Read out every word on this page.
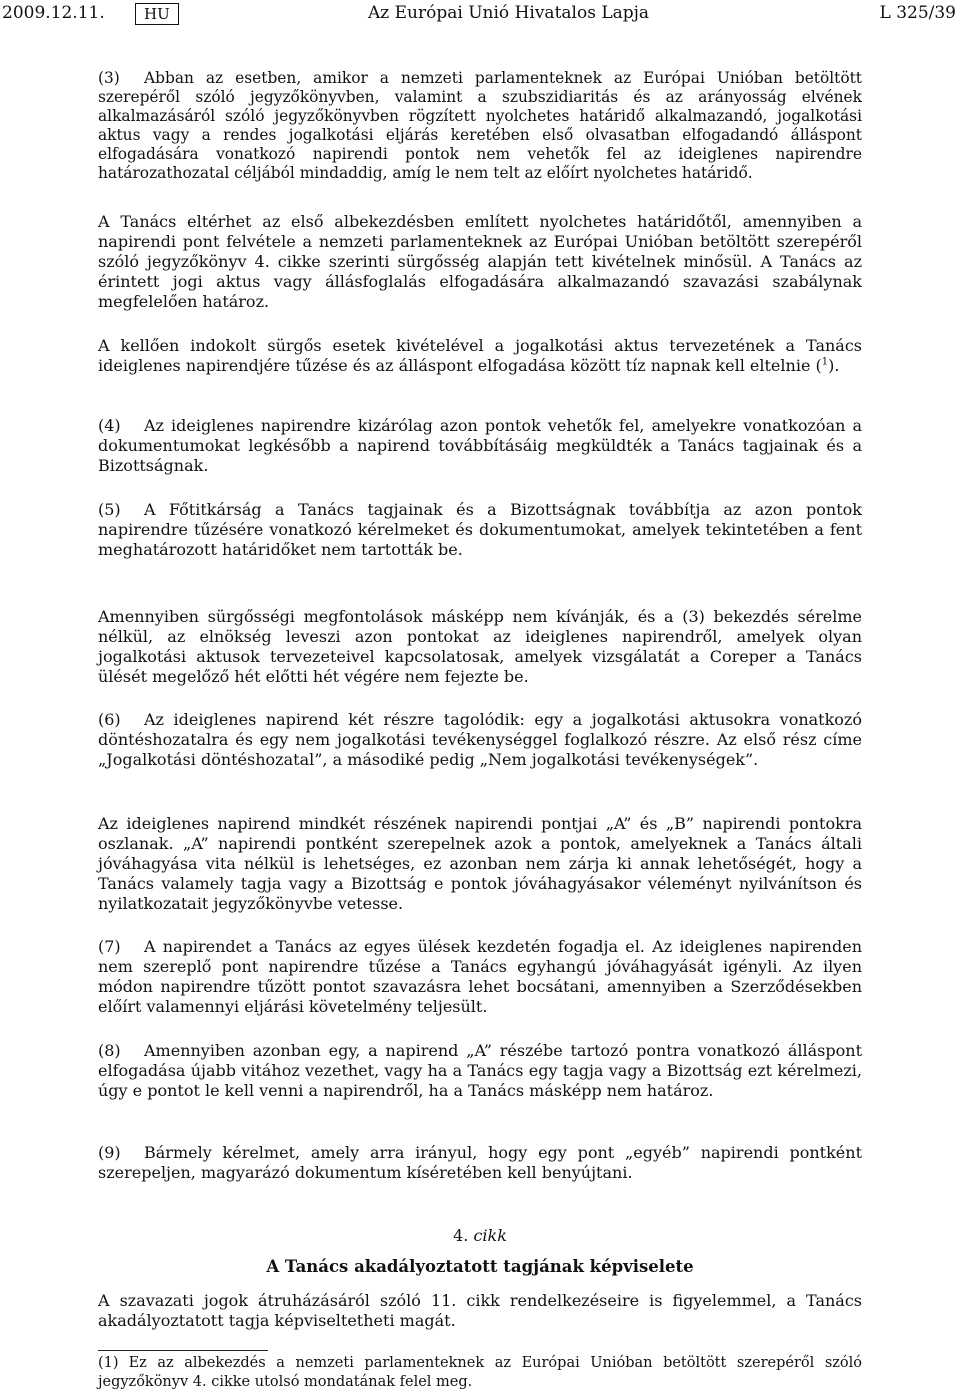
2009.12.11.	HU	Az Európai Unió Hivatalos Lapja	L 325/39

(3) Abban az esetben, amikor a nemzeti parlamenteknek az Európai Unióban betöltött szerepéről szóló jegyzőkönyvben, valamint a szubszidiaritás és az arányosság elvének alkalmazásáról szóló jegyzőkönyvben rögzített nyolchetes határidő alkalmazandó, jogalkotási aktus vagy a rendes jogalkotási eljárás keretében első olvasatban elfogadandó álláspont elfogadására vonatkozó napirendi pontok nem vehetők fel az ideiglenes napirendre határozathozatal céljából mindaddig, amíg le nem telt az előírt nyolchetes határidő.

A Tanács eltérhet az első albekezdésben említett nyolchetes határidőtől, amennyiben a napirendi pont felvétele a nemzeti parlamenteknek az Európai Unióban betöltött szerepéről szóló jegyzőkönyv 4. cikke szerinti sürgősség alapján tett kivételnek minősül. A Tanács az érintett jogi aktus vagy állásfoglalás elfogadására alkalmazandó szavazási szabálynak megfelelően határoz.

A kellően indokolt sürgős esetek kivételével a jogalkotási aktus tervezetének a Tanács ideiglenes napirendjére tűzése és az álláspont elfogadása között tíz napnak kell eltelnie ($^1$).

(4) Az ideiglenes napirendre kizárólag azon pontok vehetők fel, amelyekre vonatkozóan a dokumentumokat legkésőbb a napirend továbbításáig megküldték a Tanács tagjainak és a Bizottságnak.

(5) A Főtitkárság a Tanács tagjainak és a Bizottságnak továbbítja az azon pontok napirendre tűzésére vonatkozó kérelmeket és dokumentumokat, amelyek tekintetében a fent meghatározott határidőket nem tartották be.

Amennyiben sürgősségi megfontolások másképp nem kívánják, és a (3) bekezdés sérelme nélkül, az elnökség leveszi azon pontokat az ideiglenes napirendről, amelyek olyan jogalkotási aktusok tervezeteivel kapcsolatosak, amelyek vizsgálatát a Coreper a Tanács ülését megelőző hét előtti hét végére nem fejezte be.

(6) Az ideiglenes napirend két részre tagolódik: egy a jogalkotási aktusokra vonatkozó döntéshozatalra és egy nem jogalkotási tevékenységgel foglalkozó részre. Az első rész címe „Jogalkotási döntéshozatal”, a másodiké pedig „Nem jogalkotási tevékenységek”.

Az ideiglenes napirend mindkét részének napirendi pontjai „A” és „B” napirendi pontokra oszlanak. „A” napirendi pontként szerepelnek azok a pontok, amelyeknek a Tanács általi jóváhagyása vita nélkül is lehetséges, ez azonban nem zárja ki annak lehetőségét, hogy a Tanács valamely tagja vagy a Bizottság e pontok jóváhagyásakor véleményt nyilvánítson és nyilatkozatait jegyzőkönyvbe vetesse.

(7) A napirendet a Tanács az egyes ülések kezdetén fogadja el. Az ideiglenes napirenden nem szereplő pont napirendre tűzése a Tanács egyhangú jóváhagyását igényli. Az ilyen módon napirendre tűzött pontot szavazásra lehet bocsátani, amennyiben a Szerződésekben előírt valamennyi eljárási követelmény teljesült.

(8) Amennyiben azonban egy, a napirend „A” részébe tartozó pontra vonatkozó álláspont elfogadása újabb vitához vezethet, vagy ha a Tanács egy tagja vagy a Bizottság ezt kérelmezi, úgy e pontot le kell venni a napirendről, ha a Tanács másképp nem határoz.

(9) Bármely kérelmet, amely arra irányul, hogy egy pont „egyéb” napirendi pontként szerepeljen, magyarázó dokumentum kíséretében kell benyújtani.

4. cikk
A Tanács akadályoztatott tagjának képviselete

A szavazati jogok átruházásáról szóló 11. cikk rendelkezéseire is figyelemmel, a Tanács akadályoztatott tagja képviseltetheti magát.

(1) Ez az albekezdés a nemzeti parlamenteknek az Európai Unióban betöltött szerepéről szóló jegyzőkönyv 4. cikke utolsó mondatának felel meg.
